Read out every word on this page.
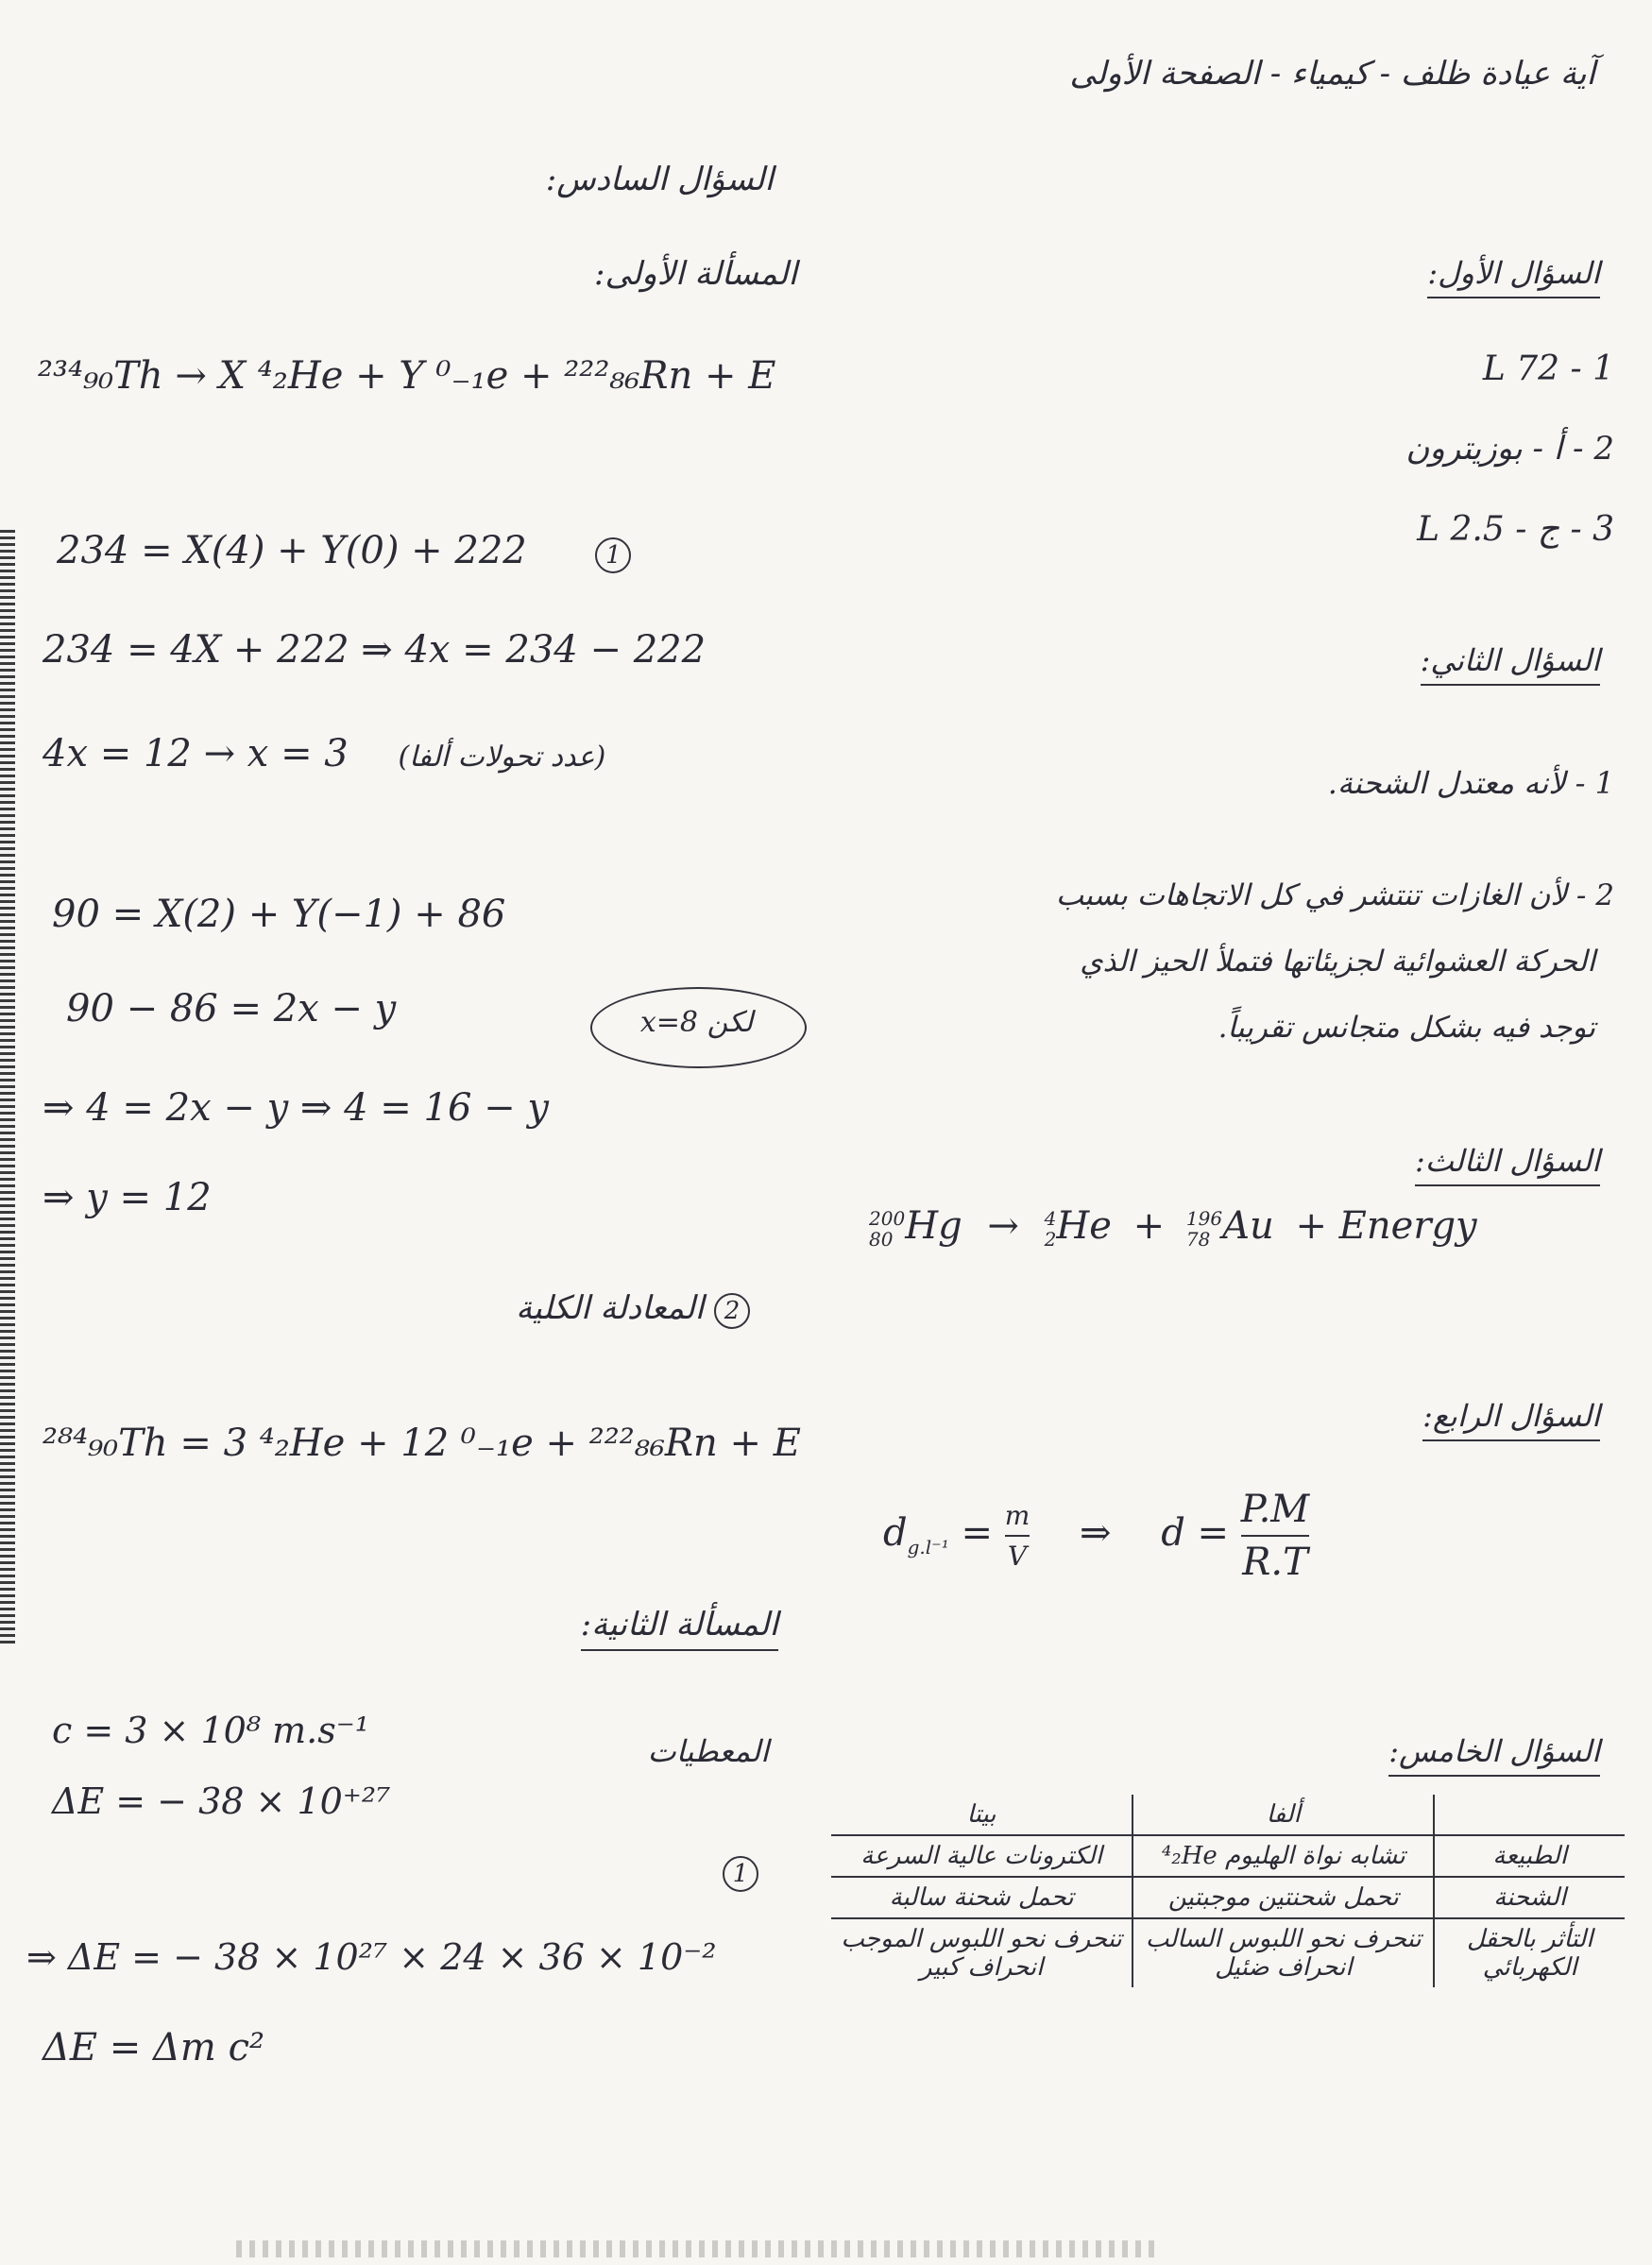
آية عيادة ظلف - كيمياء - الصفحة الأولى
السؤال الأول:
1 - 72 L
2 - أ - بوزيترون
3 - ج - 2.5 L
السؤال الثاني:
1 - لأنه معتدل الشحنة.
2 - لأن الغازات تنتشر في كل الاتجاهات بسبب
الحركة العشوائية لجزيئاتها فتملأ الحيز الذي
توجد فيه بشكل متجانس تقريباً.
السؤال الثالث:
200
80 Hg → 4
2 He + 196
78 Au + Energy
السؤال الرابع:
$d_{g.l^{-1}} = \frac{m}{V}$ ⇒ $d = \frac{P.M}{R.T}$
السؤال الخامس:
	ألفا	بيتا
الطبيعة	تشابه نواة الهليوم ⁴₂He	الكترونات عالية السرعة
الشحنة	تحمل شحنتين موجبتين	تحمل شحنة سالبة
التأثر بالحقل الكهربائي	تنحرف نحو اللبوس السالب انحراف ضئيل	تنحرف نحو اللبوس الموجب انحراف كبير
السؤال السادس:
المسألة الأولى:
²³⁴₉₀Th → X ⁴₂He + Y ⁰₋₁e + ²²²₈₆Rn + E
234 = X(4) + Y(0) + 222	1
234 = 4X + 222 ⇒ 4x = 234 − 222
4x = 12 → x = 3 (عدد تحولات ألفا)
90 = X(2) + Y(−1) + 86
90 − 86 = 2x − y	لكن x=8
⇒ 4 = 2x − y ⇒ 4 = 16 − y
⇒ y = 12
2 المعادلة الكلية
²⁸⁴₉₀Th = 3 ⁴₂He + 12 ⁰₋₁e + ²²²₈₆Rn + E
المسألة الثانية:
المعطيات
c = 3 × 10⁸ m.s⁻¹
ΔE = − 38 × 10⁺²⁷
1
⇒ ΔE = − 38 × 10²⁷ × 24 × 36 × 10⁻²
ΔE = Δm c²
